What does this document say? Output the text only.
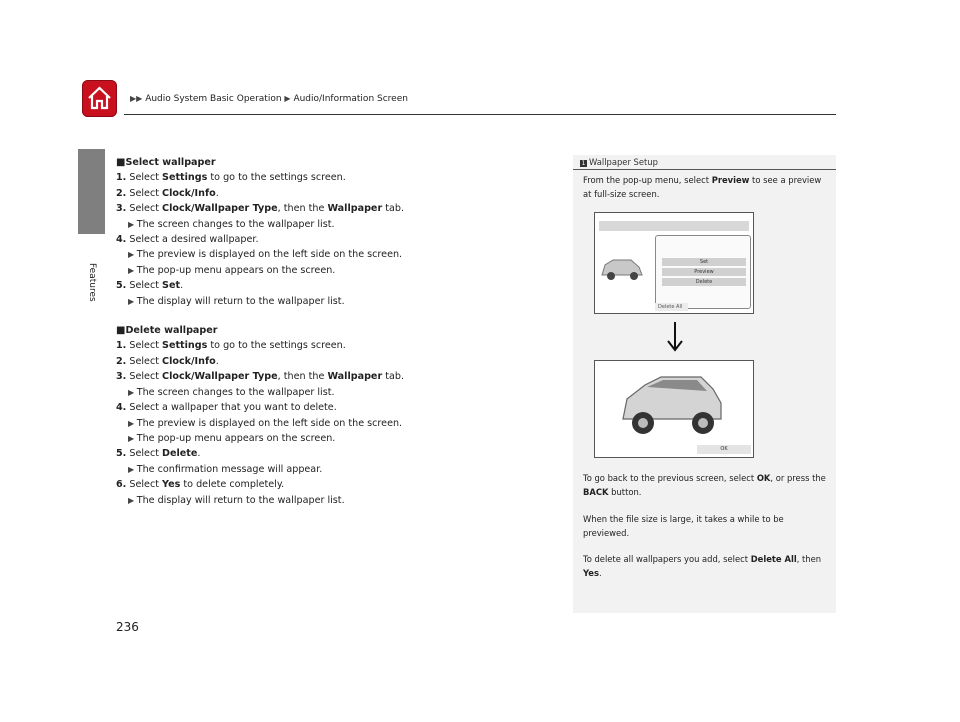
▶▶ Audio System Basic Operation ▶ Audio/Information Screen
Features
■Select wallpaper
1. Select Settings to go to the settings screen.
2. Select Clock/Info.
3. Select Clock/Wallpaper Type, then the Wallpaper tab.
▶ The screen changes to the wallpaper list.
4. Select a desired wallpaper.
▶ The preview is displayed on the left side on the screen.
▶ The pop-up menu appears on the screen.
5. Select Set.
▶ The display will return to the wallpaper list.
■Delete wallpaper
1. Select Settings to go to the settings screen.
2. Select Clock/Info.
3. Select Clock/Wallpaper Type, then the Wallpaper tab.
▶ The screen changes to the wallpaper list.
4. Select a wallpaper that you want to delete.
▶ The preview is displayed on the left side on the screen.
▶ The pop-up menu appears on the screen.
5. Select Delete.
▶ The confirmation message will appear.
6. Select Yes to delete completely.
▶ The display will return to the wallpaper list.
236
1 Wallpaper Setup
From the pop-up menu, select Preview to see a preview at full-size screen.
To go back to the previous screen, select OK, or press the BACK button.
When the file size is large, it takes a while to be previewed.
To delete all wallpapers you add, select Delete All, then Yes.
Set
Preview
Delete
Delete All
OK
